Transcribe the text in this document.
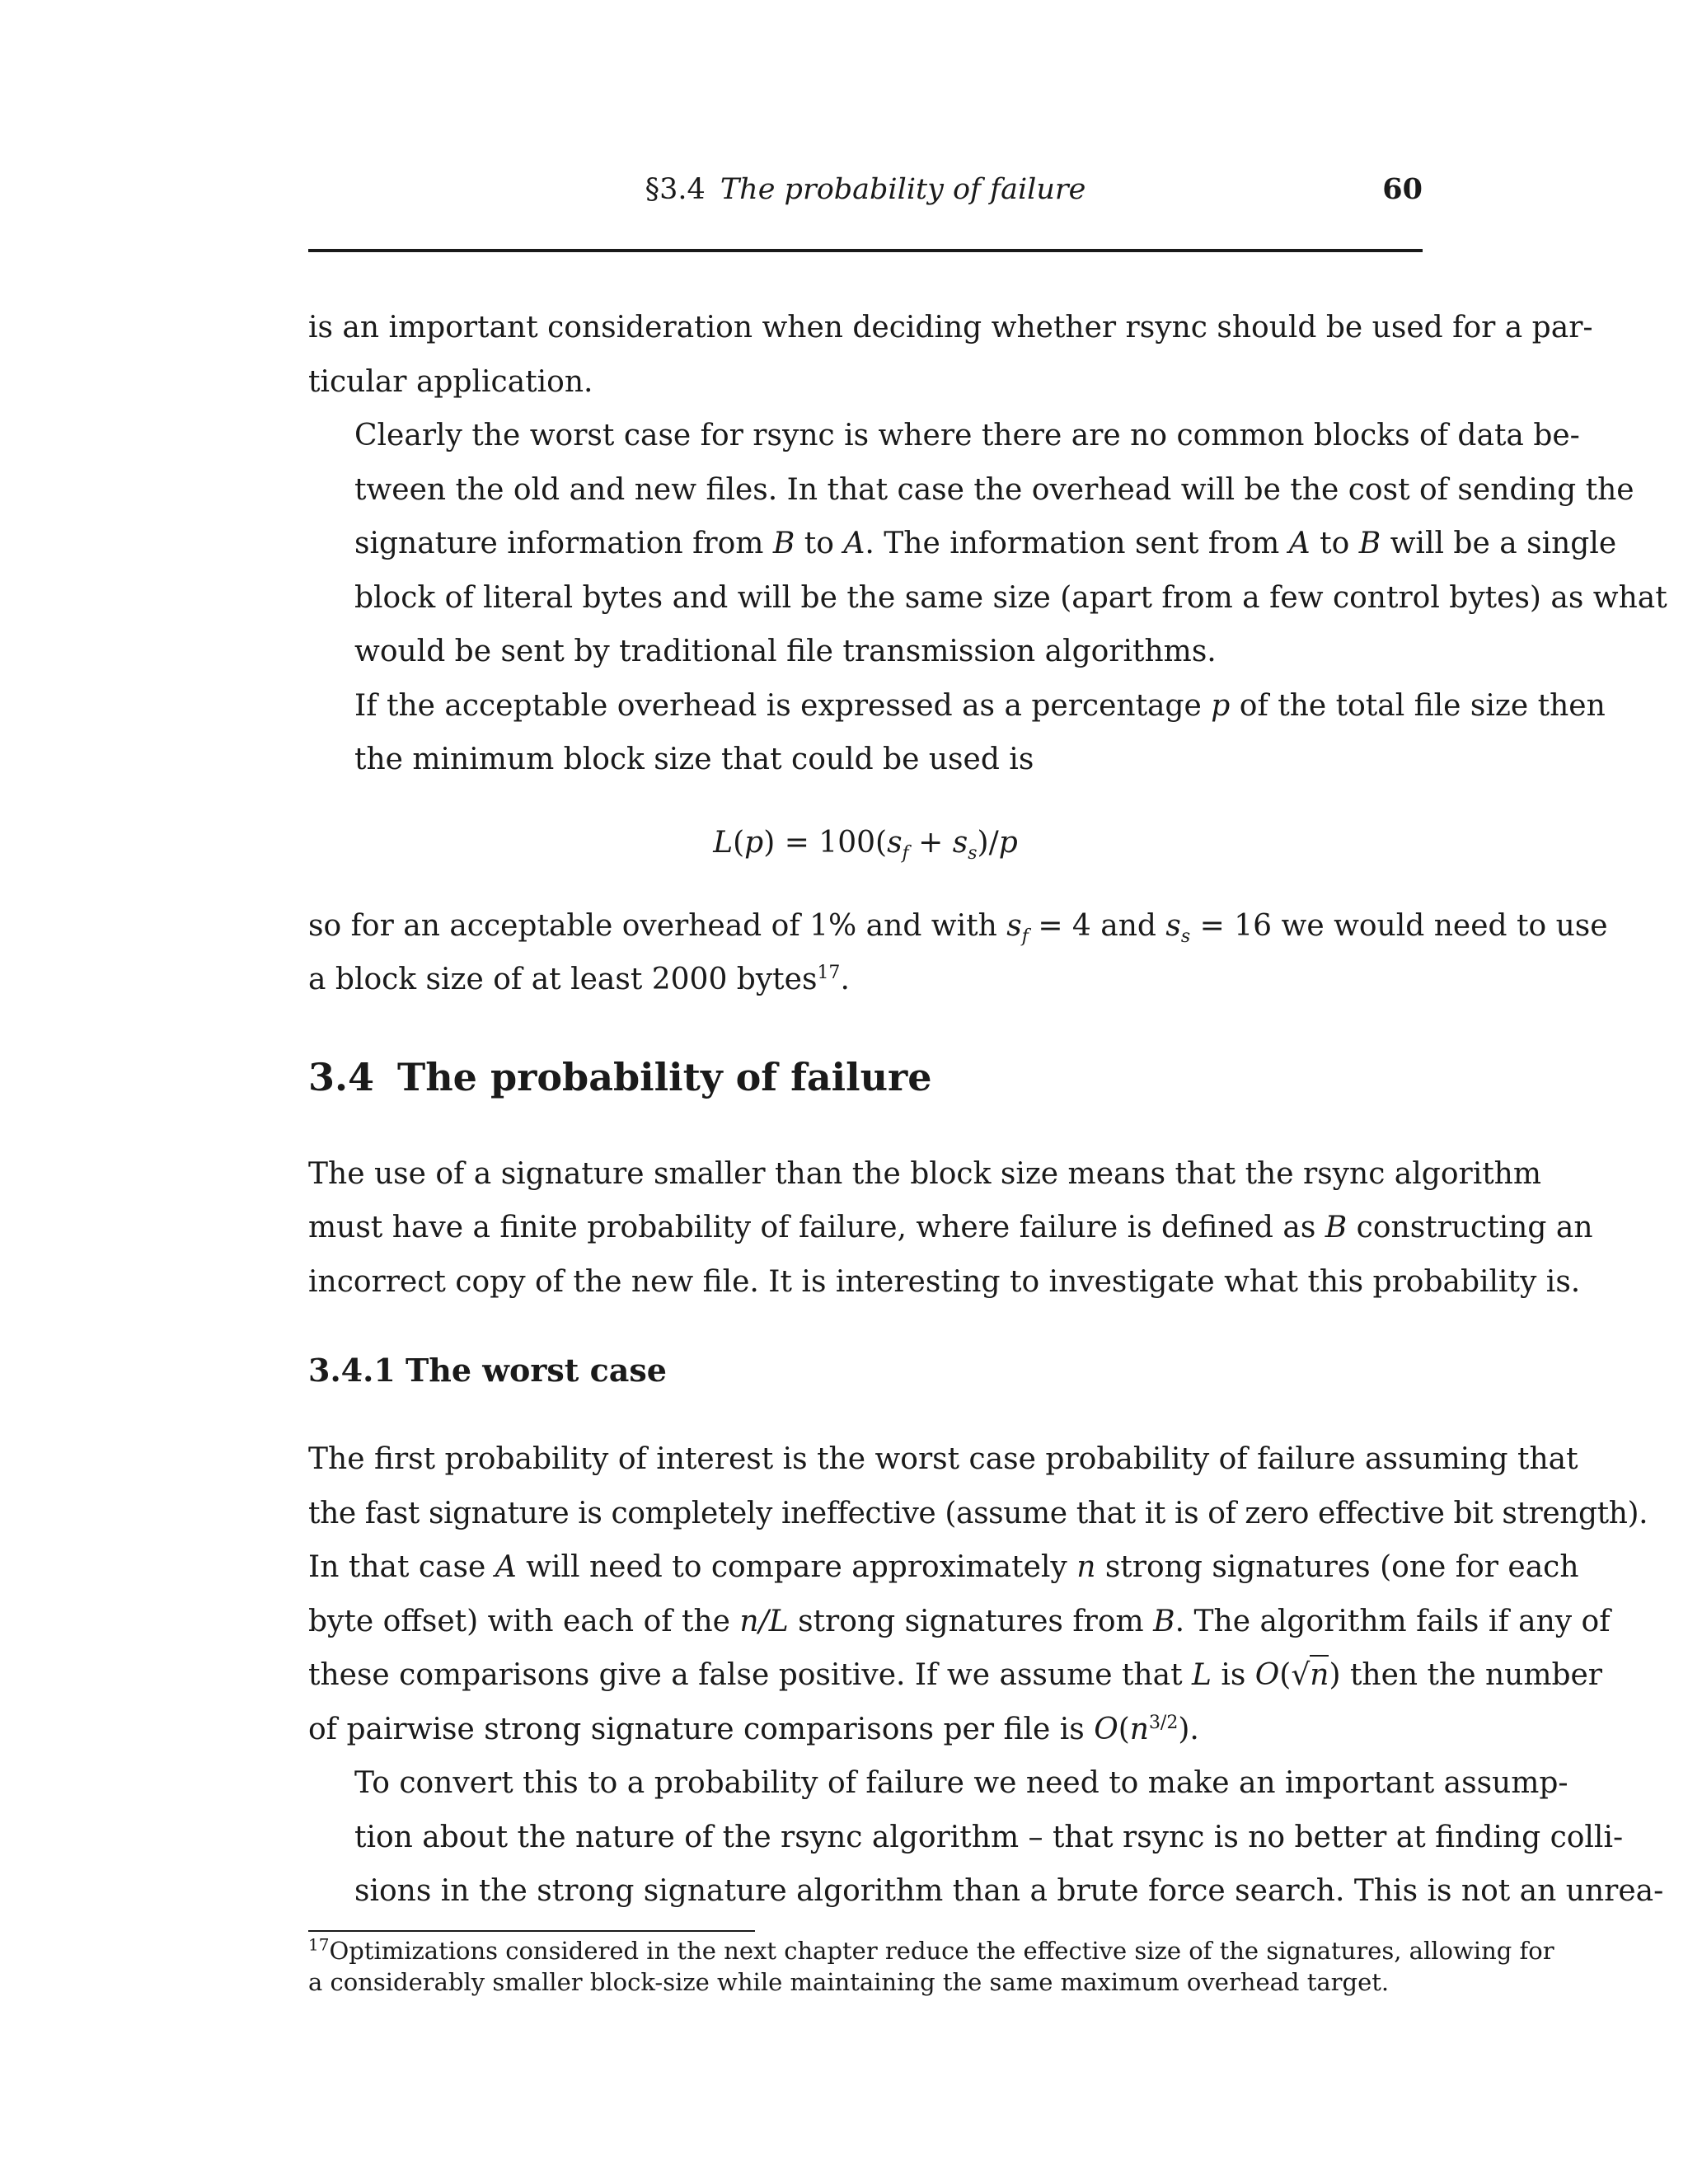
§3.4 The probability of failure	60

is an important consideration when deciding whether rsync should be used for a par-
ticular application.

Clearly the worst case for rsync is where there are no common blocks of data be-
tween the old and new files. In that case the overhead will be the cost of sending the
signature information from B to A. The information sent from A to B will be a single
block of literal bytes and will be the same size (apart from a few control bytes) as what
would be sent by traditional file transmission algorithms.

If the acceptable overhead is expressed as a percentage p of the total file size then
the minimum block size that could be used is

$L(p) = 100(s_f + s_s)/p$

so for an acceptable overhead of 1% and with $s_f = 4$ and $s_s = 16$ we would need to use
a block size of at least 2000 bytes$^{17}$.

3.4 The probability of failure

The use of a signature smaller than the block size means that the rsync algorithm
must have a finite probability of failure, where failure is defined as B constructing an
incorrect copy of the new file. It is interesting to investigate what this probability is.

3.4.1 The worst case

The first probability of interest is the worst case probability of failure assuming that
the fast signature is completely ineffective (assume that it is of zero effective bit strength).
In that case A will need to compare approximately n strong signatures (one for each
byte offset) with each of the n/L strong signatures from B. The algorithm fails if any of
these comparisons give a false positive. If we assume that L is O(√n) then the number
of pairwise strong signature comparisons per file is $O(n^{3/2})$.

To convert this to a probability of failure we need to make an important assump-
tion about the nature of the rsync algorithm – that rsync is no better at finding colli-
sions in the strong signature algorithm than a brute force search. This is not an unrea-

$^{17}$Optimizations considered in the next chapter reduce the effective size of the signatures, allowing for
a considerably smaller block-size while maintaining the same maximum overhead target.
